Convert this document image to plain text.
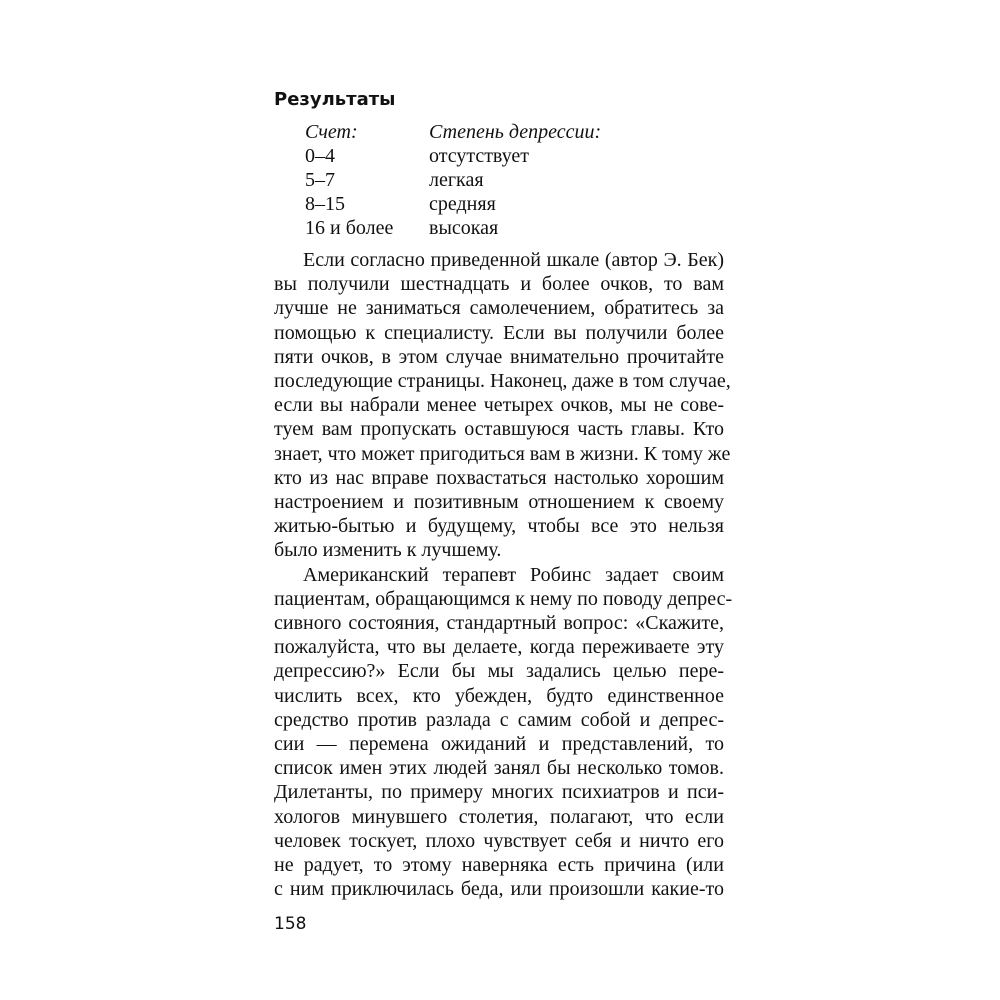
Результаты
Счет:	Степень депрессии:
0–4	отсутствует
5–7	легкая
8–15	средняя
16 и более	высокая
Если согласно приведенной шкале (автор Э. Бек)
вы получили шестнадцать и более очков, то вам
лучше не заниматься самолечением, обратитесь за
помощью к специалисту. Если вы получили более
пяти очков, в этом случае внимательно прочитайте
последующие страницы. Наконец, даже в том случае,
если вы набрали менее четырех очков, мы не сове-
туем вам пропускать оставшуюся часть главы. Кто
знает, что может пригодиться вам в жизни. К тому же
кто из нас вправе похвастаться настолько хорошим
настроением и позитивным отношением к своему
житью-бытью и будущему, чтобы все это нельзя
было изменить к лучшему.
Американский терапевт Робинс задает своим
пациентам, обращающимся к нему по поводу депрес-
сивного состояния, стандартный вопрос: «Скажите,
пожалуйста, что вы делаете, когда переживаете эту
депрессию?» Если бы мы задались целью пере-
числить всех, кто убежден, будто единственное
средство против разлада с самим собой и депрес-
сии — перемена ожиданий и представлений, то
список имен этих людей занял бы несколько томов.
Дилетанты, по примеру многих психиатров и пси-
хологов минувшего столетия, полагают, что если
человек тоскует, плохо чувствует себя и ничто его
не радует, то этому наверняка есть причина (или
с ним приключилась беда, или произошли какие-то
158
